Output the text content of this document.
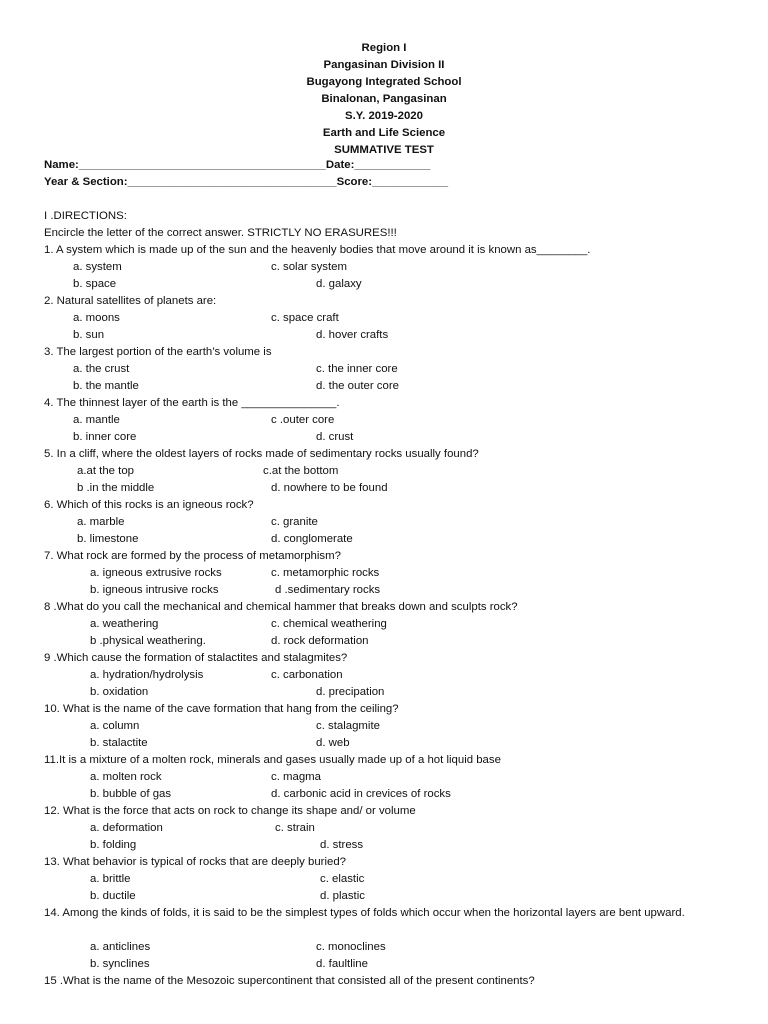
Region I
Pangasinan Division II
Bugayong Integrated School
Binalonan, Pangasinan
S.Y. 2019-2020
Earth and Life Science
SUMMATIVE TEST
Name:_______________________________________Date:____________
Year & Section:_________________________________Score:____________
I .DIRECTIONS:
Encircle the letter of the correct answer. STRICTLY NO ERASURES!!!
1. A system which is made up of the sun and the heavenly bodies that move around it is known as________.
a. system	c. solar system
b. space	d. galaxy
2. Natural satellites of planets are:
a. moons	c. space craft
b. sun	d. hover crafts
3. The largest portion of the earth’s volume is
a. the crust	c. the inner core
b. the mantle	d. the outer core
4. The thinnest layer of the earth is the _______________.
a. mantle	c .outer core
b. inner core	d. crust
5. In a cliff, where the oldest layers of rocks made of sedimentary rocks usually found?
a.at the top	c.at the bottom
b .in the middle	d. nowhere to be found
6. Which of this rocks is an igneous rock?
a. marble	c. granite
b. limestone	d. conglomerate
7. What rock are formed by the process of metamorphism?
a. igneous extrusive rocks	c. metamorphic rocks
b. igneous intrusive rocks	d .sedimentary rocks
8 .What do you call the mechanical and chemical hammer that breaks down and sculpts rock?
a. weathering	c. chemical weathering
b .physical weathering.	d. rock deformation
9 .Which cause the formation of stalactites and stalagmites?
a. hydration/hydrolysis	c. carbonation
b. oxidation	d. precipation
10. What is the name of the cave formation that hang from the ceiling?
a. column	c. stalagmite
b. stalactite	d. web
11.It is a mixture of a molten rock, minerals and gases usually made up of a hot liquid base
a. molten rock	c. magma
b. bubble of gas	d. carbonic acid in crevices of rocks
12. What is the force that acts on rock to change its shape and/ or volume
a. deformation	c. strain
b. folding	d. stress
13. What behavior is typical of rocks that are deeply buried?
a. brittle	c. elastic
b. ductile	d. plastic
14. Among the kinds of folds, it is said to be the simplest types of folds which occur when the horizontal layers are bent upward.
a. anticlines	c. monoclines
b. synclines	d. faultline
15 .What is the name of the Mesozoic supercontinent that consisted all of the present continents?
